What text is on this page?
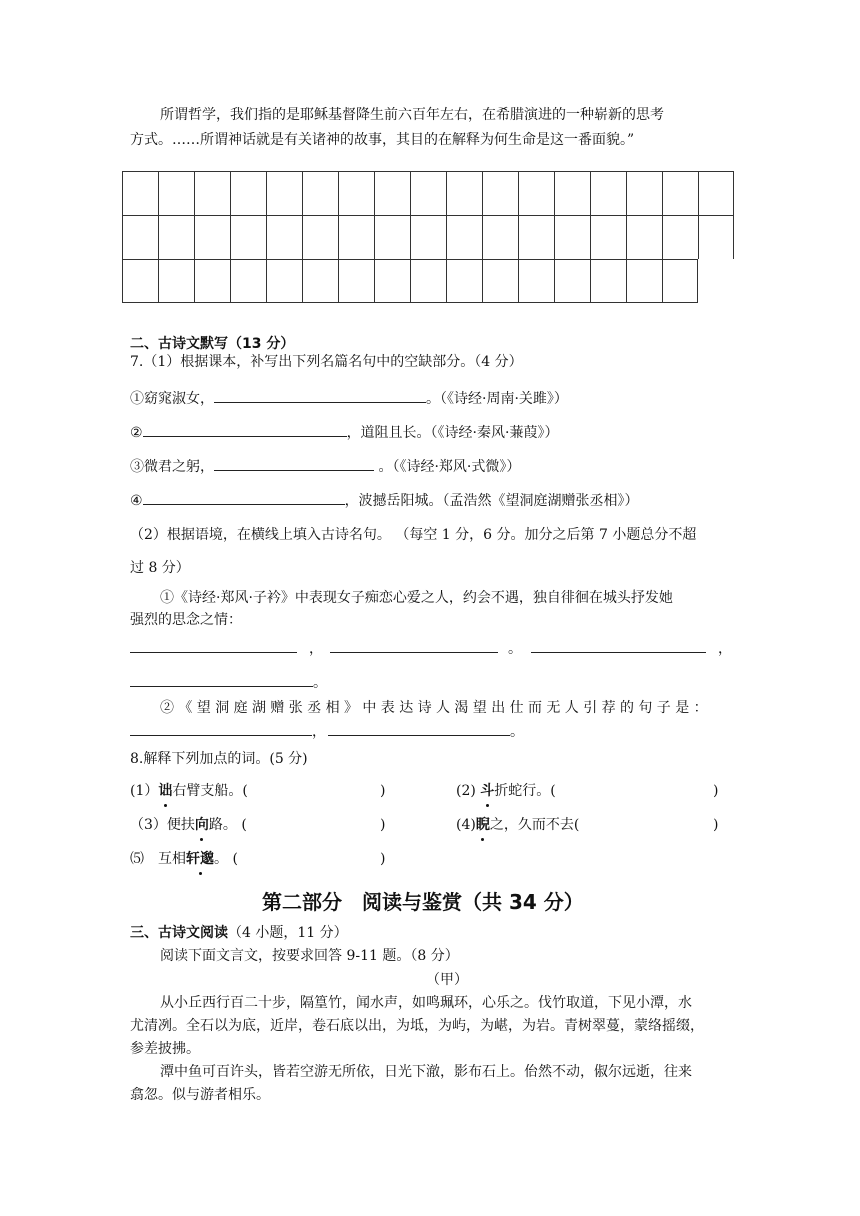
所谓哲学，我们指的是耶稣基督降生前六百年左右，在希腊演进的一种崭新的思考
方式。……所谓神话就是有关诸神的故事，其目的在解释为何生命是这一番面貌。”
二、古诗文默写（13 分）
7.（1）根据课本，补写出下列名篇名句中的空缺部分。（4 分）
①窈窕淑女，	。（《诗经·周南·关雎》）
②	，道阻且长。（《诗经·秦风·蒹葭》）
③微君之躬，	。（《诗经·郑风·式微》）
④	，波撼岳阳城。（孟浩然《望洞庭湖赠张丞相》）
（2）根据语境，在横线上填入古诗名句。 （每空 1 分，6 分。加分之后第 7 小题总分不超
过 8 分）
①《诗经·郑风·子衿》中表现女子痴恋心爱之人，约会不遇，独自徘徊在城头抒发她
强烈的思念之情：
，	。	，
。
②《望洞庭湖赠张丞相》中表达诗人渴望出仕而无人引荐的句子是：
，	。
8.解释下列加点的词。(5 分)
(1）诎右臂支船。(	)	(2) 斗折蛇行。(	)
（3）便扶向路。 (	)	(4)睨之，久而不去(	)
⑸　互相轩邈。 (	)
第二部分　阅读与鉴赏（共 34 分）
三、古诗文阅读（4 小题，11 分）
阅读下面文言文，按要求回答 9-11 题。（8 分）
（甲）
从小丘西行百二十步，隔篁竹，闻水声，如鸣珮环，心乐之。伐竹取道，下见小潭，水
尤清冽。全石以为底，近岸，卷石底以出，为坻，为屿，为嵁，为岩。青树翠蔓，蒙络摇缀，
参差披拂。
潭中鱼可百许头，皆若空游无所依，日光下澈，影布石上。佁然不动，俶尔远逝，往来
翕忽。似与游者相乐。
